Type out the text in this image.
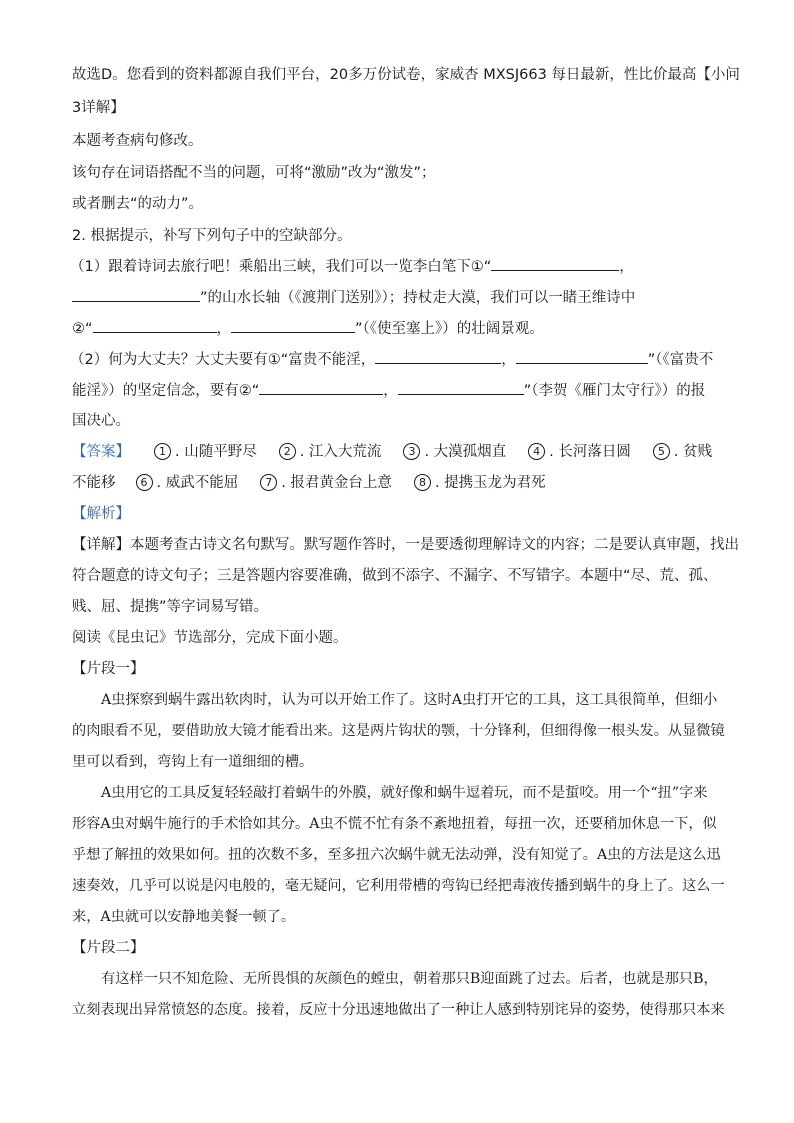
故选D。您看到的资料都源自我们平台，20多万份试卷，家威杏 MXSJ663 每日最新，性比价最高【小问
3详解】
本题考查病句修改。
该句存在词语搭配不当的问题，可将“激励”改为“激发”；
或者删去“的动力”。
2. 根据提示，补写下列句子中的空缺部分。
（1）跟着诗词去旅行吧！乘船出三峡，我们可以一览李白笔下①“	，
”的山水长轴（《渡荆门送别》）；持杖走大漠，我们可以一睹王维诗中
②“	，	”（《使至塞上》）的壮阔景观。
（2）何为大丈夫？大丈夫要有①“富贵不能淫，	，	”（《富贵不
能淫》）的坚定信念，要有②“	，	”（李贺《雁门太守行》）的报
国决心。
【答案】	1 . 山随平野尽 2 . 江入大荒流 3 . 大漠孤烟直 4 . 长河落日圆 5 . 贫贱
不能移 6 . 威武不能屈 7 . 报君黄金台上意 8 . 提携玉龙为君死
【解析】
【详解】本题考查古诗文名句默写。默写题作答时，一是要透彻理解诗文的内容；二是要认真审题，找出
符合题意的诗文句子；三是答题内容要准确，做到不添字、不漏字、不写错字。本题中“尽、荒、孤、
贱、屈、提携”等字词易写错。
阅读《昆虫记》节选部分，完成下面小题。
【片段一】
A虫探察到蜗牛露出软肉时，认为可以开始工作了。这时A虫打开它的工具，这工具很简单，但细小
的肉眼看不见，要借助放大镜才能看出来。这是两片钩状的颚，十分锋利，但细得像一根头发。从显微镜
里可以看到，弯钩上有一道细细的槽。
A虫用它的工具反复轻轻敲打着蜗牛的外膜，就好像和蜗牛逗着玩，而不是蜇咬。用一个“扭”字来
形容A虫对蜗牛施行的手术恰如其分。A虫不慌不忙有条不紊地扭着，每扭一次，还要稍加休息一下，似
乎想了解扭的效果如何。扭的次数不多，至多扭六次蜗牛就无法动弹，没有知觉了。A虫的方法是这么迅
速奏效，几乎可以说是闪电般的，毫无疑问，它利用带槽的弯钩已经把毒液传播到蜗牛的身上了。这么一
来，A虫就可以安静地美餐一顿了。
【片段二】
有这样一只不知危险、无所畏惧的灰颜色的螳虫，朝着那只B迎面跳了过去。后者，也就是那只B，
立刻表现出异常愤怒的态度。接着，反应十分迅速地做出了一种让人感到特别诧异的姿势，使得那只本来
